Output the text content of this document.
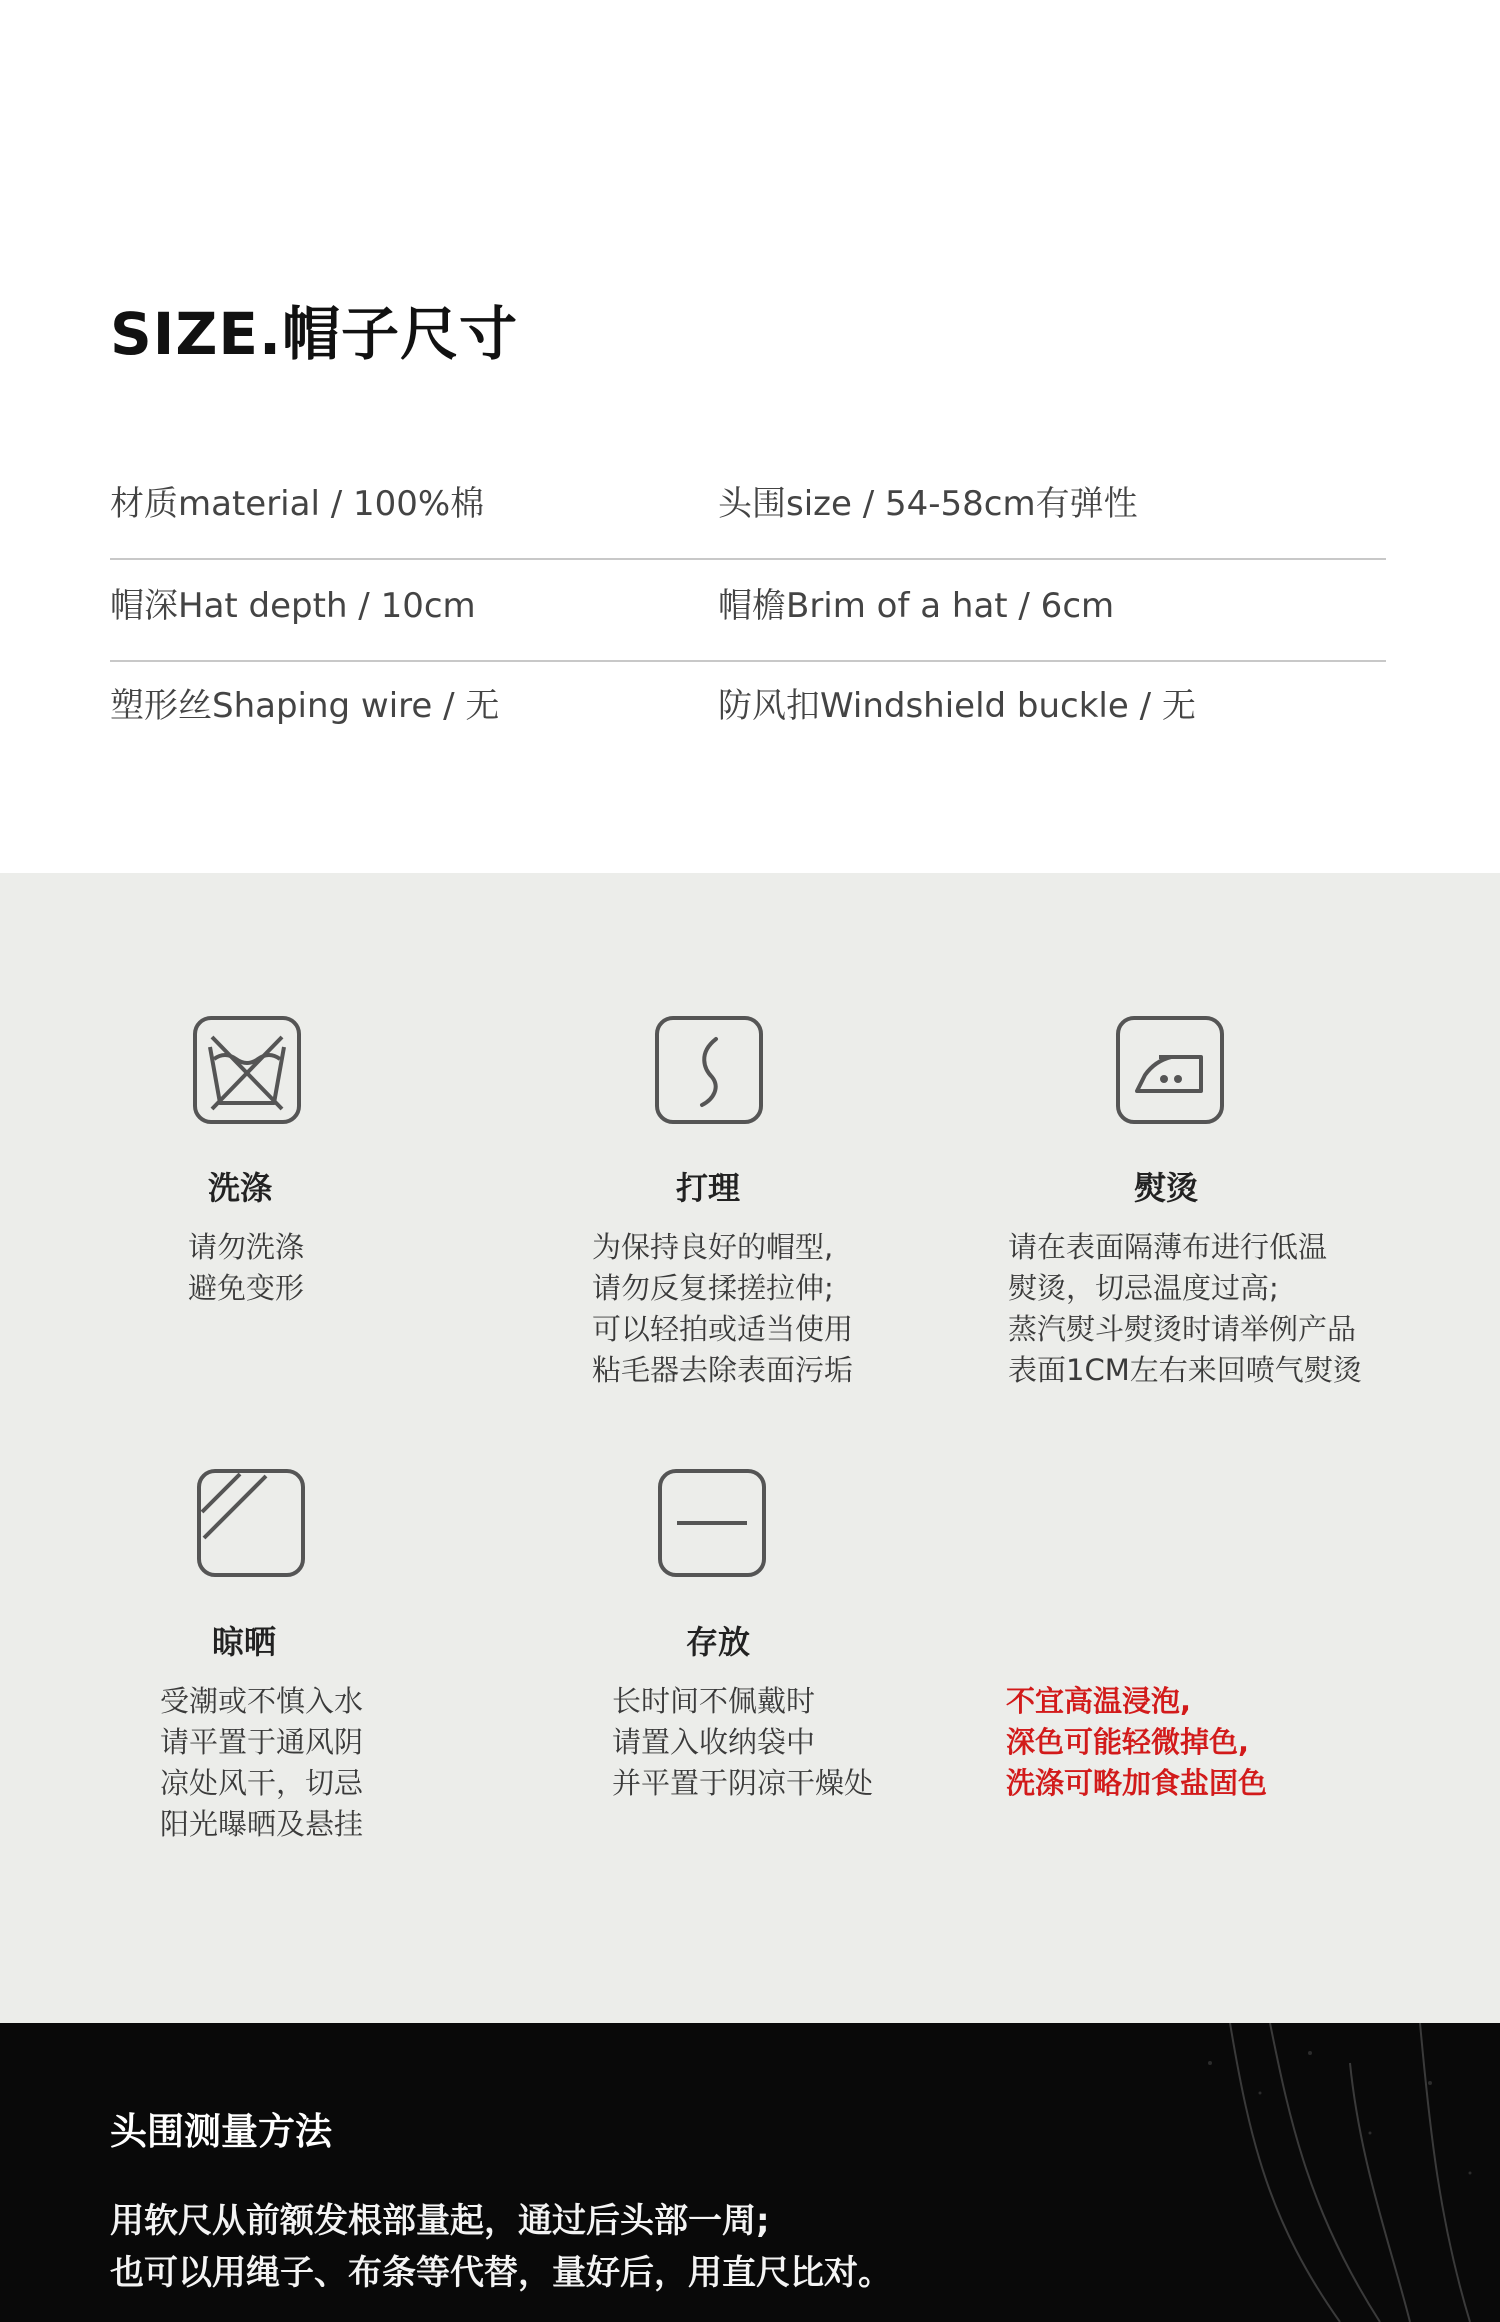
SIZE.帽子尺寸
材质material / 100%棉	头围size / 54-58cm有弹性
帽深Hat depth / 10cm	帽檐Brim of a hat / 6cm
塑形丝Shaping wire / 无	防风扣Windshield buckle / 无
洗涤
请勿洗涤
避免变形
打理
为保持良好的帽型,
请勿反复揉搓拉伸;
可以轻拍或适当使用
粘毛器去除表面污垢
熨烫
请在表面隔薄布进行低温
熨烫，切忌温度过高;
蒸汽熨斗熨烫时请举例产品
表面1CM左右来回喷气熨烫
晾晒
受潮或不慎入水
请平置于通风阴
凉处风干，切忌
阳光曝晒及悬挂
存放
长时间不佩戴时
请置入收纳袋中
并平置于阴凉干燥处
不宜高温浸泡,
深色可能轻微掉色,
洗涤可略加食盐固色
头围测量方法
用软尺从前额发根部量起，通过后头部一周;
也可以用绳子、布条等代替，量好后，用直尺比对。
